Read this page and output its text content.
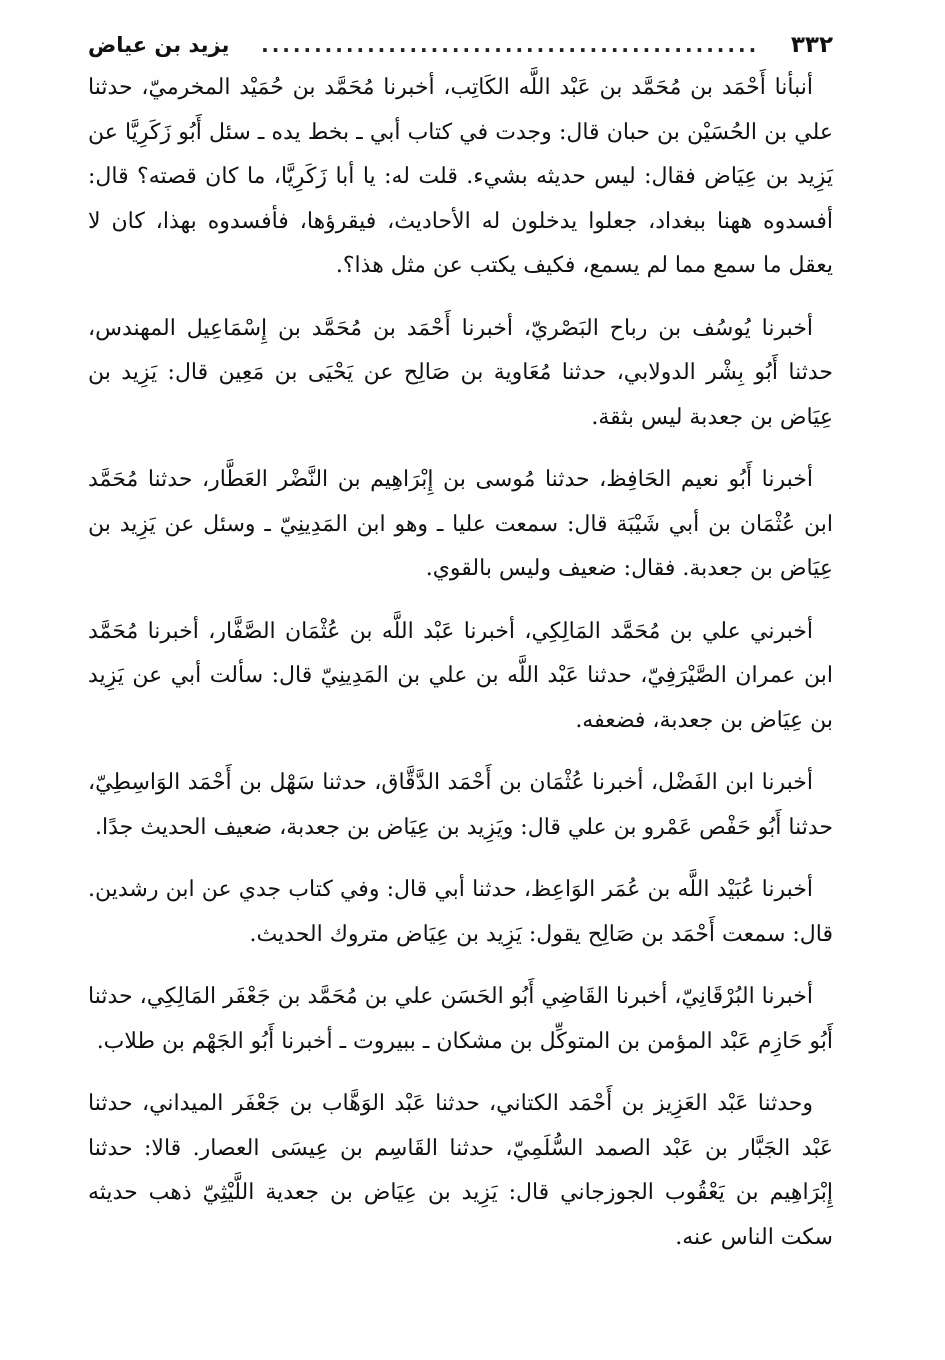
٣٣٢
...............................................
يزيد بن عياض

أنبأنا أَحْمَد بن مُحَمَّد بن عَبْد اللَّه الكَاتِب، أخبرنا مُحَمَّد بن حُمَيْد المخرميّ، حدثنا علي بن الحُسَيْن بن حبان قال: وجدت في كتاب أبي ـ بخط يده ـ سئل أَبُو زَكَرِيَّا عن يَزِيد بن عِيَاض فقال: ليس حديثه بشيء. قلت له: يا أبا زَكَرِيَّا، ما كان قصته؟ قال: أفسدوه ههنا ببغداد، جعلوا يدخلون له الأحاديث، فيقرؤها، فأفسدوه بهذا، كان لا يعقل ما سمع مما لم يسمع، فكيف يكتب عن مثل هذا؟.

أخبرنا يُوسُف بن رباح البَصْريّ، أخبرنا أَحْمَد بن مُحَمَّد بن إِسْمَاعِيل المهندس، حدثنا أَبُو بِشْر الدولابي، حدثنا مُعَاوية بن صَالِح عن يَحْيَى بن مَعِين قال: يَزِيد بن عِيَاض بن جعدبة ليس بثقة.

أخبرنا أَبُو نعيم الحَافِظ، حدثنا مُوسى بن إِبْرَاهِيم بن النَّضْر العَطَّار، حدثنا مُحَمَّد ابن عُثْمَان بن أبي شَيْبَة قال: سمعت عليا ـ وهو ابن المَدِينِيّ ـ وسئل عن يَزِيد بن عِيَاض بن جعدبة. فقال: ضعيف وليس بالقوي.

أخبرني علي بن مُحَمَّد المَالِكِي، أخبرنا عَبْد اللَّه بن عُثْمَان الصَّفَّار، أخبرنا مُحَمَّد ابن عمران الصَّيْرَفِيّ، حدثنا عَبْد اللَّه بن علي بن المَدِينِيّ قال: سألت أبي عن يَزِيد بن عِيَاض بن جعدبة، فضعفه.

أخبرنا ابن الفَضْل، أخبرنا عُثْمَان بن أَحْمَد الدَّقَّاق، حدثنا سَهْل بن أَحْمَد الوَاسِطِيّ، حدثنا أَبُو حَفْص عَمْرو بن علي قال: ويَزِيد بن عِيَاض بن جعدبة، ضعيف الحديث جدًا.

أخبرنا عُبَيْد اللَّه بن عُمَر الوَاعِظ، حدثنا أبي قال: وفي كتاب جدي عن ابن رشدين. قال: سمعت أَحْمَد بن صَالِح يقول: يَزِيد بن عِيَاض متروك الحديث.

أخبرنا البُرْقَانِيّ، أخبرنا القَاضِي أَبُو الحَسَن علي بن مُحَمَّد بن جَعْفَر المَالِكِي، حدثنا أَبُو حَازِم عَبْد المؤمن بن المتوكِّل بن مشكان ـ ببيروت ـ أخبرنا أَبُو الجَهْم بن طلاب.

وحدثنا عَبْد العَزِيز بن أَحْمَد الكتاني، حدثنا عَبْد الوَهَّاب بن جَعْفَر الميداني، حدثنا عَبْد الجَبَّار بن عَبْد الصمد السُّلَمِيّ، حدثنا القَاسِم بن عِيسَى العصار. قالا: حدثنا إِبْرَاهِيم بن يَعْقُوب الجوزجاني قال: يَزِيد بن عِيَاض بن جعدية اللَّيْثِيّ ذهب حديثه سكت الناس عنه.
